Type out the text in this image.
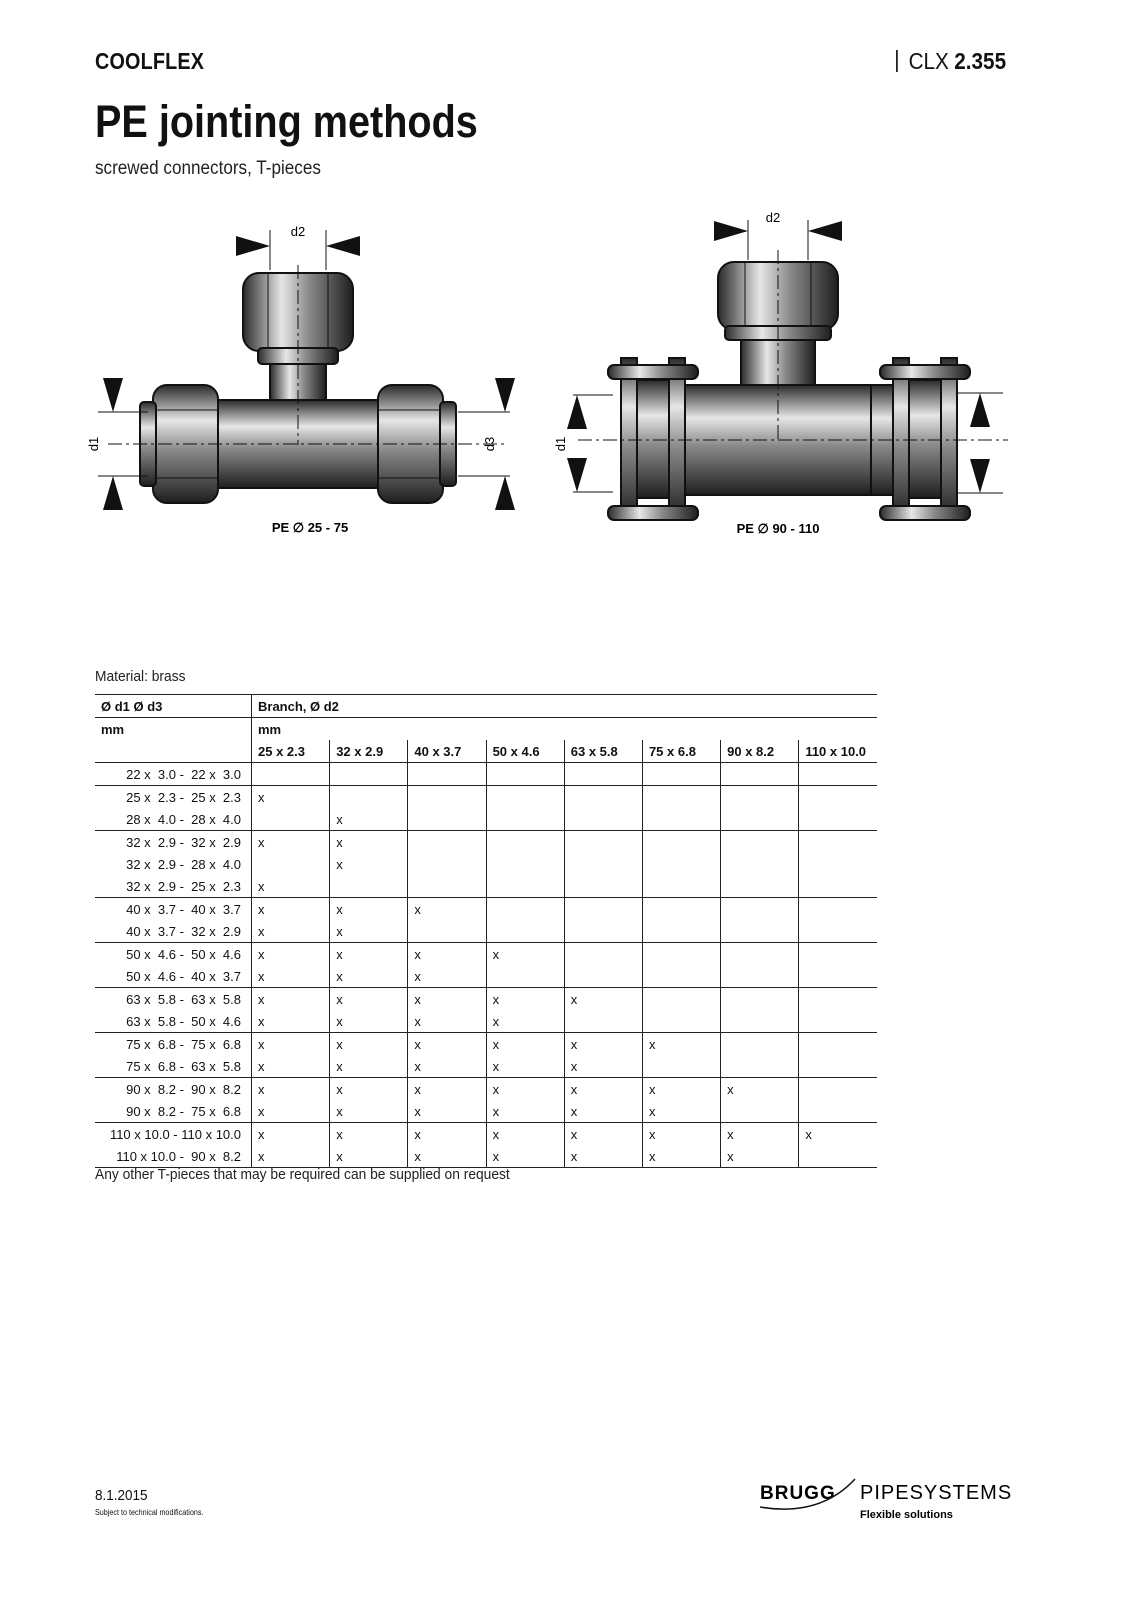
COOLFLEX	CLX 2.355
PE jointing methods
screwed connectors, T-pieces
d2
d1	d3
PE ∅ 25 - 75
d2
d1
PE ∅ 90 - 110
Material: brass
Ø d1 Ø d3	Branch, Ø d2							
mm	mm							
	25 x 2.3	32 x 2.9	40 x 3.7	50 x 4.6	63 x 5.8	75 x 6.8	90 x 8.2	110 x 10.0
22 x  3.0 -  22 x  3.0								
25 x  2.3 -  25 x  2.3	x							
28 x  4.0 -  28 x  4.0		x						
32 x  2.9 -  32 x  2.9	x	x						
32 x  2.9 -  28 x  4.0		x						
32 x  2.9 -  25 x  2.3	x							
40 x  3.7 -  40 x  3.7	x	x	x					
40 x  3.7 -  32 x  2.9	x	x						
50 x  4.6 -  50 x  4.6	x	x	x	x				
50 x  4.6 -  40 x  3.7	x	x	x					
63 x  5.8 -  63 x  5.8	x	x	x	x	x			
63 x  5.8 -  50 x  4.6	x	x	x	x				
75 x  6.8 -  75 x  6.8	x	x	x	x	x	x		
75 x  6.8 -  63 x  5.8	x	x	x	x	x			
90 x  8.2 -  90 x  8.2	x	x	x	x	x	x	x	
90 x  8.2 -  75 x  6.8	x	x	x	x	x	x		
110 x 10.0 - 110 x 10.0	x	x	x	x	x	x	x	x
110 x 10.0 -  90 x  8.2	x	x	x	x	x	x	x	
Any other T-pieces that may be required can be supplied on request
8.1.2015
Subject to technical modifications.
BRUGG PIPESYSTEMS
Flexible solutions
